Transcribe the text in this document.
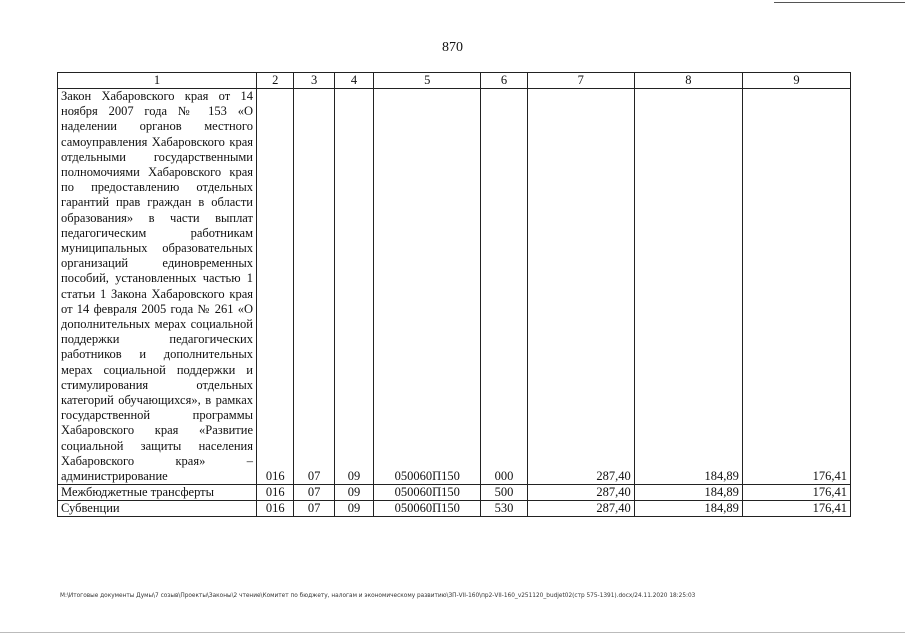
870
1	2	3	4	5	6	7	8	9
Закон Хабаровского края от 14 ноября 2007 года № 153 «О наделении органов местного самоуправления Хабаровского края отдельными государственными полномочиями Хабаровского края по предоставлению отдельных гарантий прав граждан в области образования» в части выплат педагогическим работникам муниципальных образовательных организаций единовременных пособий, установленных частью 1 статьи 1 Закона Хабаровского края от 14 февраля 2005 года № 261 «О дополнительных мерах социальной поддержки педагогических работников и дополнительных мерах социальной поддержки и стимулирования отдельных категорий обучающихся», в рамках государственной программы Хабаровского края «Развитие социальной защиты населения Хабаровского края» – администрирование	016	07	09	050060П150	000	287,40	184,89	176,41
Межбюджетные трансферты	016	07	09	050060П150	500	287,40	184,89	176,41
Субвенции	016	07	09	050060П150	530	287,40	184,89	176,41
M:\Итоговые документы Думы\7 созыв\Проекты\Законы\2 чтение\Комитет по бюджету, налогам и экономическому развитию\ЗП-VII-160\пр2-VII-160_v251120_budjet02(стр 575-1391).docx/24.11.2020 18:25:03
